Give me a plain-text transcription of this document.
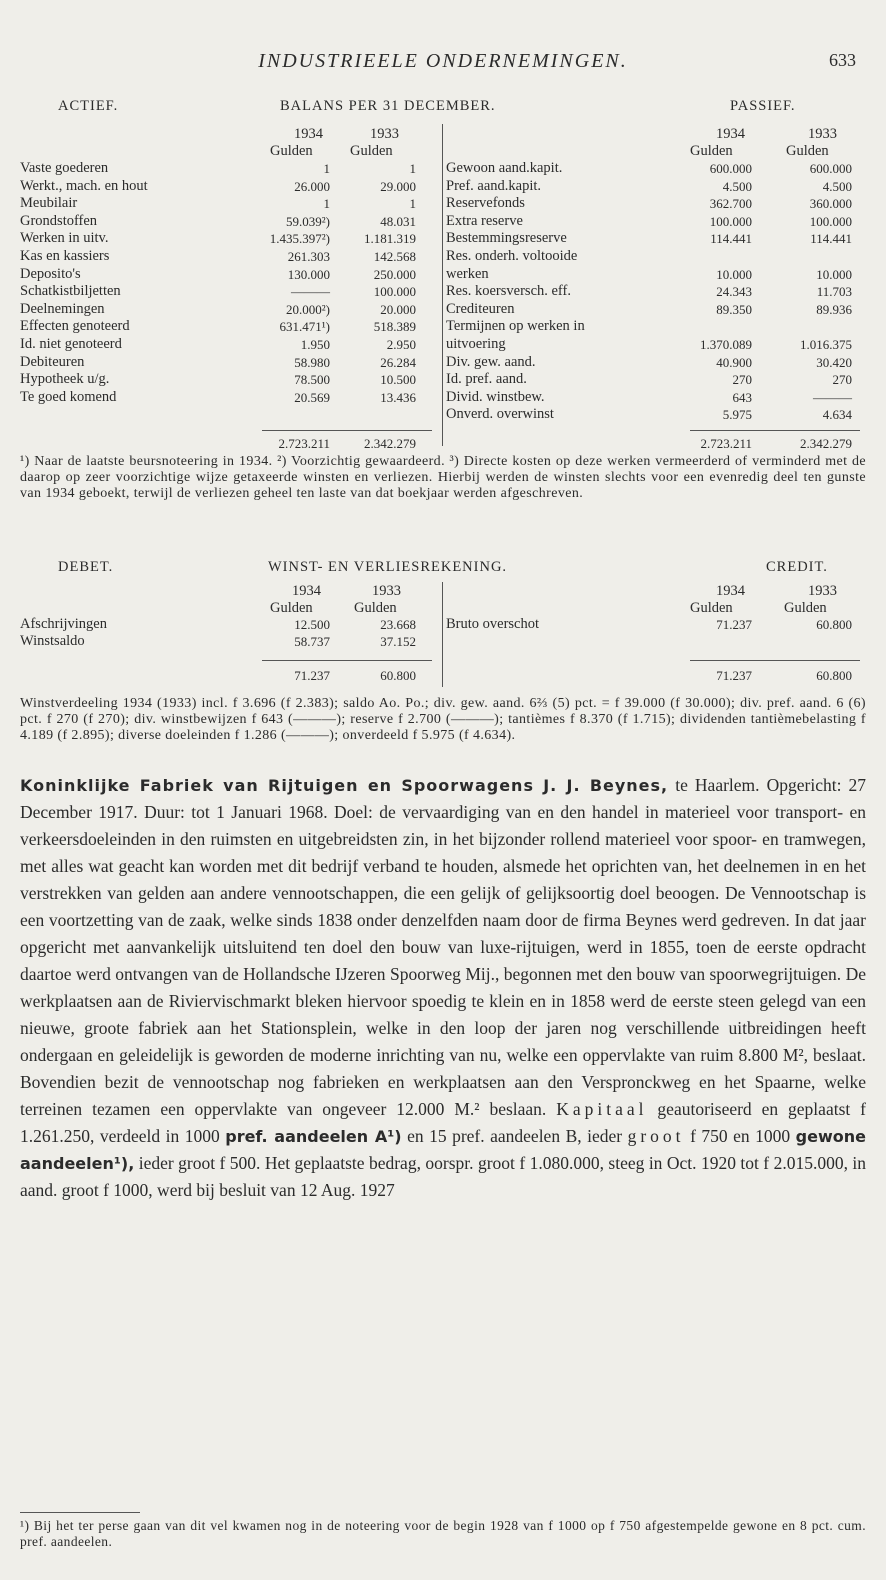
INDUSTRIEELE ONDERNEMINGEN.	633
ACTIEF.	BALANS PER 31 DECEMBER.	PASSIEF.
1934	1933
Gulden	Gulden
1934	1933
Gulden	Gulden
Vaste goederen	1	1
Werkt., mach. en hout	26.000	29.000
Meubilair	1	1
Grondstoffen	59.039²)	48.031
Werken in uitv.	1.435.397²)	1.181.319
Kas en kassiers	261.303	142.568
Deposito's	130.000	250.000
Schatkistbiljetten	———	100.000
Deelnemingen	20.000²)	20.000
Effecten genoteerd	631.471¹)	518.389
Id. niet genoteerd	1.950	2.950
Debiteuren	58.980	26.284
Hypotheek u/g.	78.500	10.500
Te goed komend	20.569	13.436
Gewoon aand.kapit.	600.000	600.000
Pref. aand.kapit.	4.500	4.500
Reservefonds	362.700	360.000
Extra reserve	100.000	100.000
Bestemmingsreserve	114.441	114.441
Res. onderh. voltooide
werken	10.000	10.000
Res. koersversch. eff.	24.343	11.703
Crediteuren	89.350	89.936
Termijnen op werken in
uitvoering	1.370.089	1.016.375
Div. gew. aand.	40.900	30.420
Id. pref. aand.	270	270
Divid. winstbew.	643	———
Onverd. overwinst	5.975	4.634
2.723.211	2.342.279	2.723.211	2.342.279
¹) Naar de laatste beursnoteering in 1934. ²) Voorzichtig gewaardeerd. ³) Directe kosten op deze werken vermeerderd of verminderd met de daarop op zeer voorzichtige wijze getaxeerde winsten en verliezen. Hierbij werden de winsten slechts voor een evenredig deel ten gunste van 1934 geboekt, terwijl de verliezen geheel ten laste van dat boekjaar werden afgeschreven.
DEBET.	WINST- EN VERLIESREKENING.	CREDIT.
1934	1933
Gulden	Gulden
1934	1933
Gulden	Gulden
Afschrijvingen	12.500	23.668
Winstsaldo	58.737	37.152
Bruto overschot	71.237	60.800
71.237	60.800	71.237	60.800
Winstverdeeling 1934 (1933) incl. f 3.696 (f 2.383); saldo Ao. Po.; div. gew. aand. 6⅔ (5) pct. = f 39.000 (f 30.000); div. pref. aand. 6 (6) pct. f 270 (f 270); div. winstbewijzen f 643 (———); reserve f 2.700 (———); tantièmes f 8.370 (f 1.715); dividenden tantièmebelasting f 4.189 (f 2.895); diverse doeleinden f 1.286 (———); onverdeeld f 5.975 (f 4.634).
Koninklijke Fabriek van Rijtuigen en Spoorwagens J. J. Beynes, te Haarlem. Opgericht: 27 December 1917. Duur: tot 1 Januari 1968. Doel: de vervaardiging van en den handel in materieel voor transport- en verkeersdoeleinden in den ruimsten en uitgebreidsten zin, in het bijzonder rollend materieel voor spoor- en tramwegen, met alles wat geacht kan worden met dit bedrijf verband te houden, alsmede het oprichten van, het deelnemen in en het verstrekken van gelden aan andere vennootschappen, die een gelijk of gelijksoortig doel beoogen. De Vennootschap is een voortzetting van de zaak, welke sinds 1838 onder denzelfden naam door de firma Beynes werd gedreven. In dat jaar opgericht met aanvankelijk uitsluitend ten doel den bouw van luxe-rijtuigen, werd in 1855, toen de eerste opdracht daartoe werd ontvangen van de Hollandsche IJzeren Spoorweg Mij., begonnen met den bouw van spoorwegrijtuigen. De werkplaatsen aan de Riviervischmarkt bleken hiervoor spoedig te klein en in 1858 werd de eerste steen gelegd van een nieuwe, groote fabriek aan het Stationsplein, welke in den loop der jaren nog verschillende uitbreidingen heeft ondergaan en geleidelijk is geworden de moderne inrichting van nu, welke een oppervlakte van ruim 8.800 M², beslaat. Bovendien bezit de vennootschap nog fabrieken en werkplaatsen aan den Verspronckweg en het Spaarne, welke terreinen tezamen een oppervlakte van ongeveer 12.000 M.² beslaan. Kapitaal geautoriseerd en geplaatst f 1.261.250, verdeeld in 1000 pref. aandeelen A¹) en 15 pref. aandeelen B, ieder groot f 750 en 1000 gewone aandeelen¹), ieder groot f 500. Het geplaatste bedrag, oorspr. groot f 1.080.000, steeg in Oct. 1920 tot f 2.015.000, in aand. groot f 1000, werd bij besluit van 12 Aug. 1927
¹) Bij het ter perse gaan van dit vel kwamen nog in de noteering voor de begin 1928 van f 1000 op f 750 afgestempelde gewone en 8 pct. cum. pref. aandeelen.
